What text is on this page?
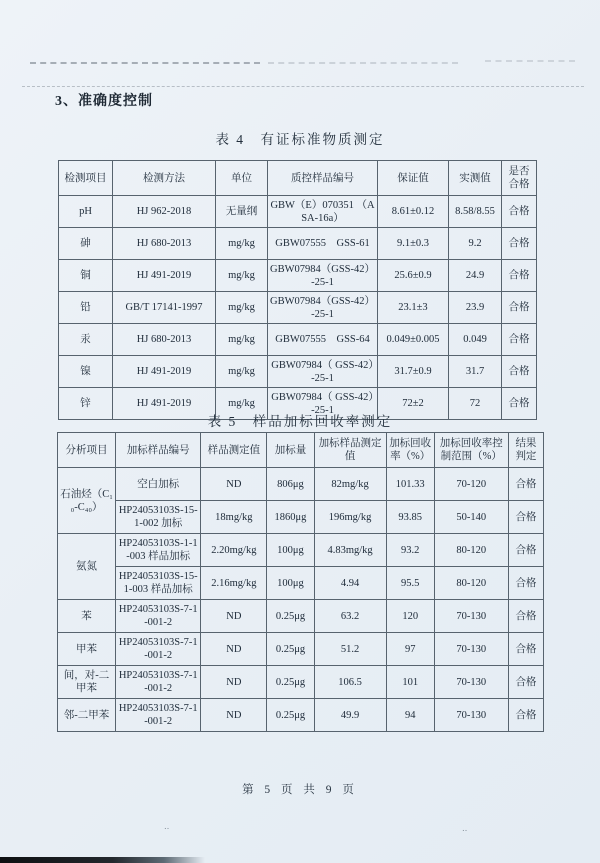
3、准确度控制
表 4　有证标准物质测定
检测项目	检测方法	单位	质控样品编号	保证值	实测值	是否合格
pH	HJ 962-2018	无量纲	GBW（E）070351 （ASA-16a）	8.61±0.12	8.58/8.55	合格
砷	HJ 680-2013	mg/kg	GBW07555　GSS-61	9.1±0.3	9.2	合格
铜	HJ 491-2019	mg/kg	GBW07984（GSS-42）-25-1	25.6±0.9	24.9	合格
铅	GB/T 17141-1997	mg/kg	GBW07984（GSS-42）-25-1	23.1±3	23.9	合格
汞	HJ 680-2013	mg/kg	GBW07555　GSS-64	0.049±0.005	0.049	合格
镍	HJ 491-2019	mg/kg	GBW07984（ GSS-42）-25-1	31.7±0.9	31.7	合格
锌	HJ 491-2019	mg/kg	GBW07984（ GSS-42）-25-1	72±2	72	合格
表 5　样品加标回收率测定
分析项目	加标样品编号	样品测定值	加标量	加标样品测定值	加标回收率（%）	加标回收率控制范围（%）	结果判定
石油烃（C₁₀-C₄₀）	空白加标	ND	806μg	82mg/kg	101.33	70-120	合格
	HP24053103S-15-1-002 加标	18mg/kg	1860μg	196mg/kg	93.85	50-140	合格
氨氮	HP24053103S-1-1-003 样品加标	2.20mg/kg	100μg	4.83mg/kg	93.2	80-120	合格
	HP24053103S-15-1-003 样品加标	2.16mg/kg	100μg	4.94	95.5	80-120	合格
苯	HP24053103S-7-1-001-2	ND	0.25μg	63.2	120	70-130	合格
甲苯	HP24053103S-7-1-001-2	ND	0.25μg	51.2	97	70-130	合格
间，对-二甲苯	HP24053103S-7-1-001-2	ND	0.25μg	106.5	101	70-130	合格
邻-二甲苯	HP24053103S-7-1-001-2	ND	0.25μg	49.9	94	70-130	合格
第 5 页 共 9 页
‥	‥
